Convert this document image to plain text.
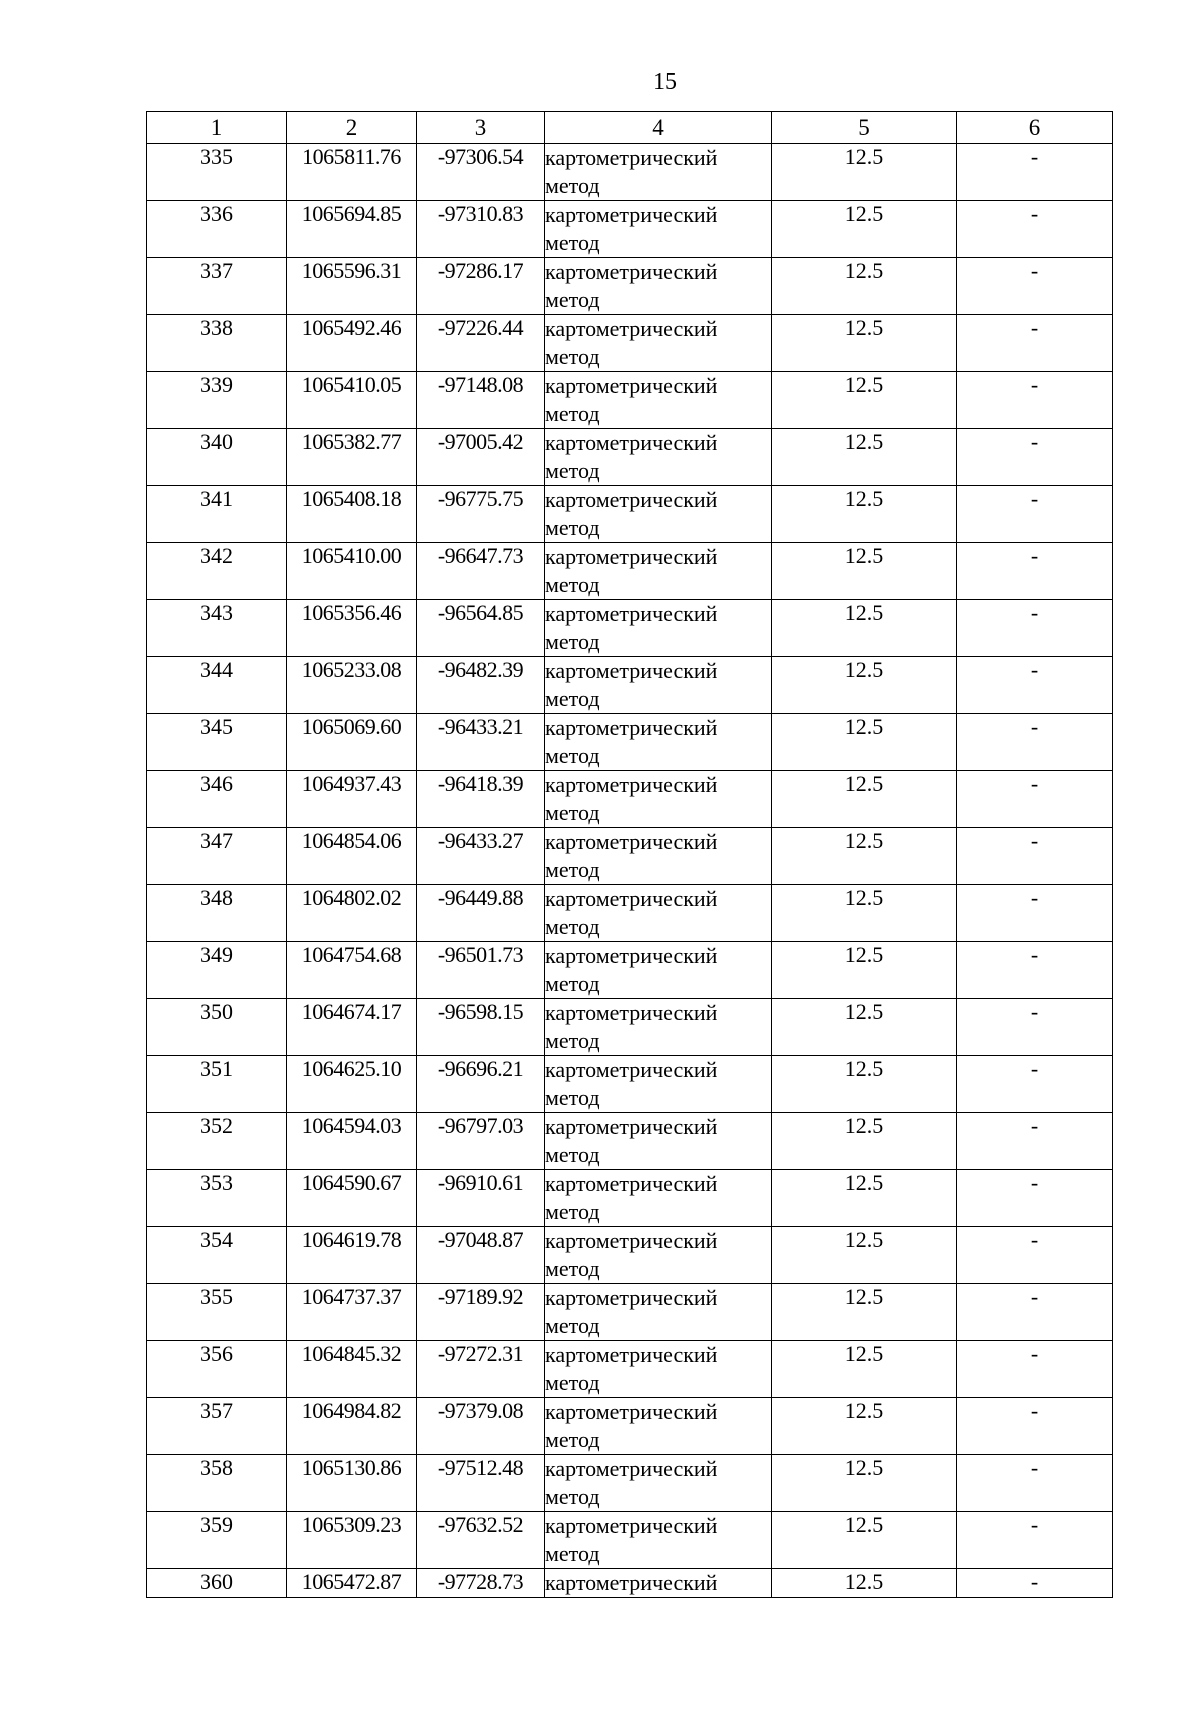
15
1	2	3	4	5	6
335	1065811.76	-97306.54	картометрический метод	12.5	-
336	1065694.85	-97310.83	картометрический метод	12.5	-
337	1065596.31	-97286.17	картометрический метод	12.5	-
338	1065492.46	-97226.44	картометрический метод	12.5	-
339	1065410.05	-97148.08	картометрический метод	12.5	-
340	1065382.77	-97005.42	картометрический метод	12.5	-
341	1065408.18	-96775.75	картометрический метод	12.5	-
342	1065410.00	-96647.73	картометрический метод	12.5	-
343	1065356.46	-96564.85	картометрический метод	12.5	-
344	1065233.08	-96482.39	картометрический метод	12.5	-
345	1065069.60	-96433.21	картометрический метод	12.5	-
346	1064937.43	-96418.39	картометрический метод	12.5	-
347	1064854.06	-96433.27	картометрический метод	12.5	-
348	1064802.02	-96449.88	картометрический метод	12.5	-
349	1064754.68	-96501.73	картометрический метод	12.5	-
350	1064674.17	-96598.15	картометрический метод	12.5	-
351	1064625.10	-96696.21	картометрический метод	12.5	-
352	1064594.03	-96797.03	картометрический метод	12.5	-
353	1064590.67	-96910.61	картометрический метод	12.5	-
354	1064619.78	-97048.87	картометрический метод	12.5	-
355	1064737.37	-97189.92	картометрический метод	12.5	-
356	1064845.32	-97272.31	картометрический метод	12.5	-
357	1064984.82	-97379.08	картометрический метод	12.5	-
358	1065130.86	-97512.48	картометрический метод	12.5	-
359	1065309.23	-97632.52	картометрический метод	12.5	-
360	1065472.87	-97728.73	картометрический	12.5	-
